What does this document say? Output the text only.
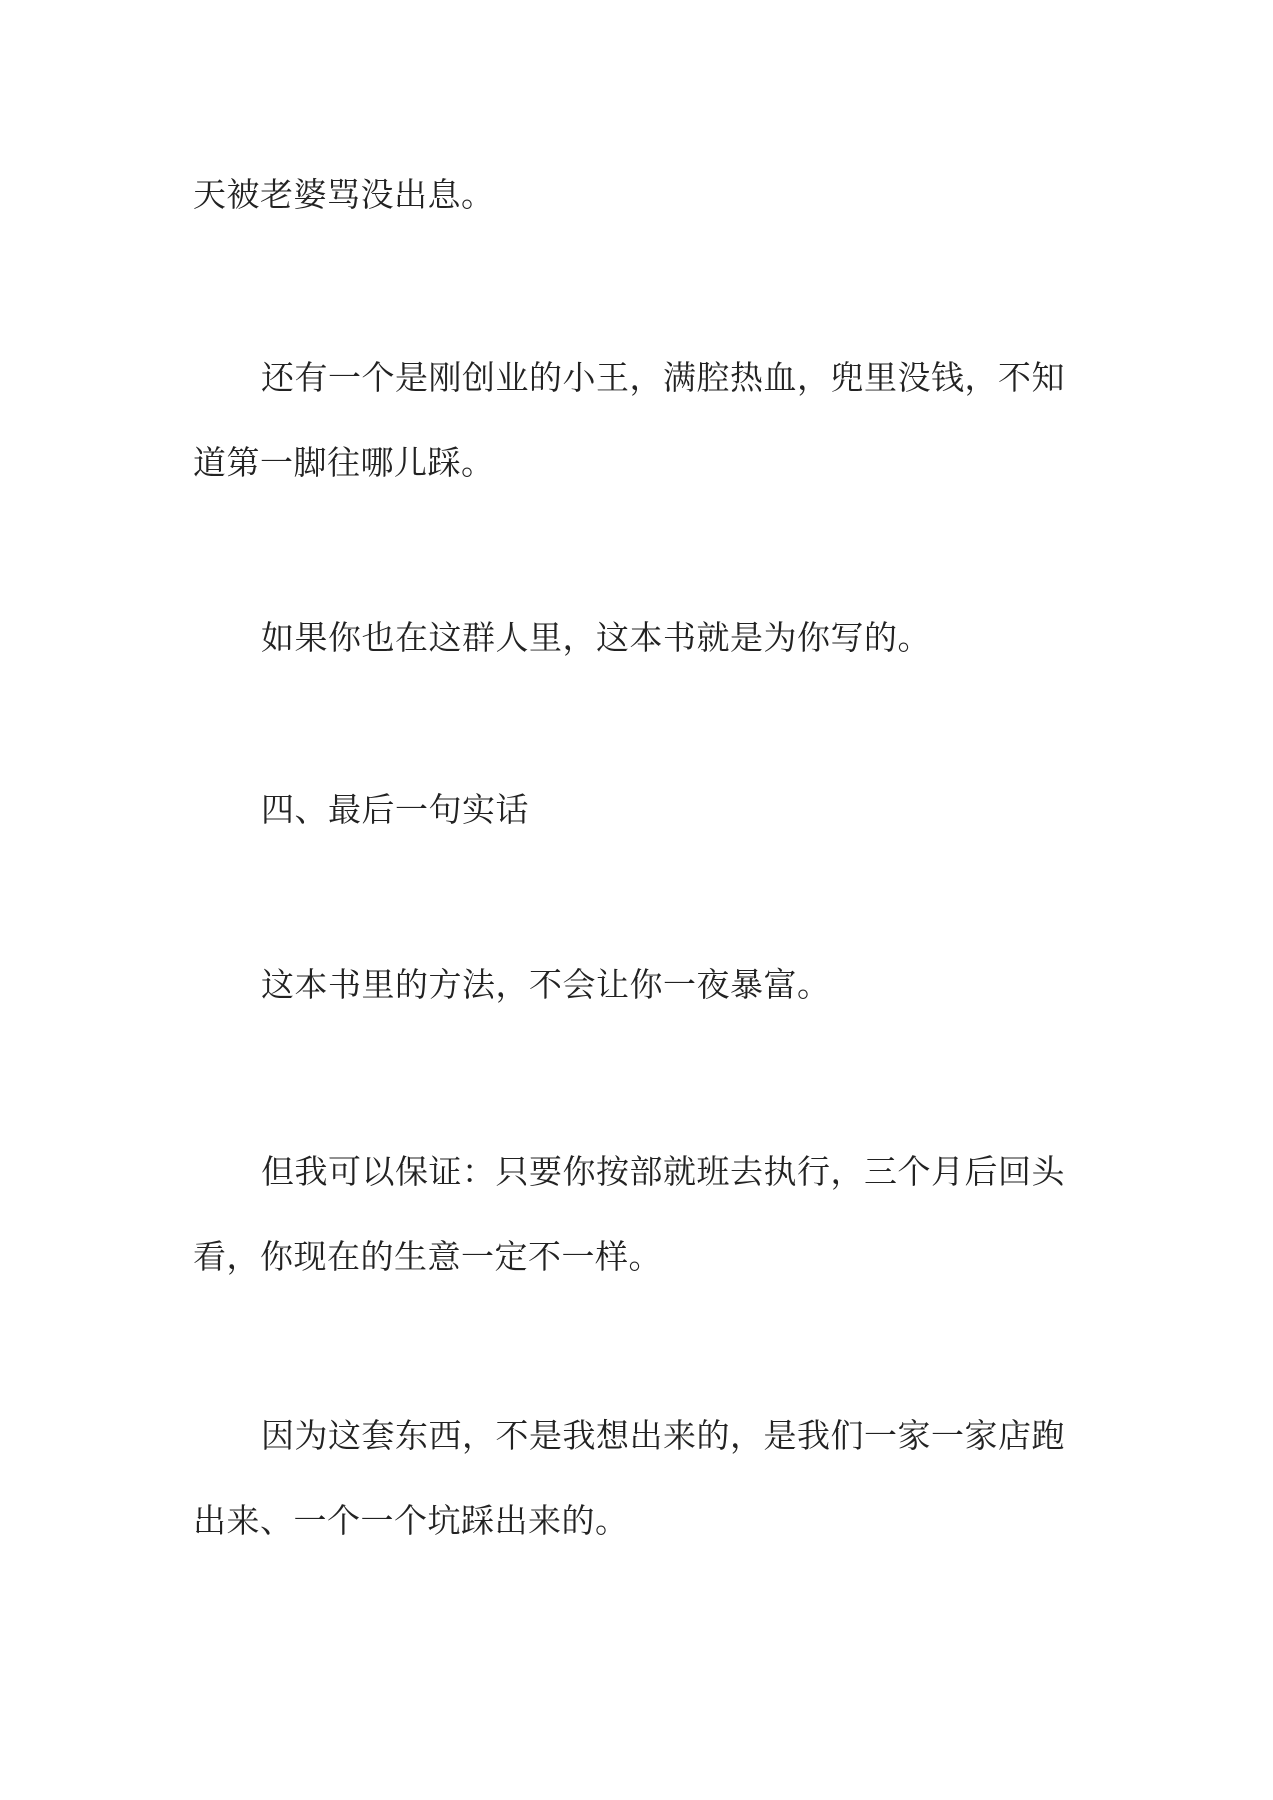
天被老婆骂没出息。
还有一个是刚创业的小王，满腔热血，兜里没钱，不知
道第一脚往哪儿踩。
如果你也在这群人里，这本书就是为你写的。
四、最后一句实话
这本书里的方法，不会让你一夜暴富。
但我可以保证：只要你按部就班去执行，三个月后回头
看，你现在的生意一定不一样。
因为这套东西，不是我想出来的，是我们一家一家店跑
出来、一个一个坑踩出来的。
